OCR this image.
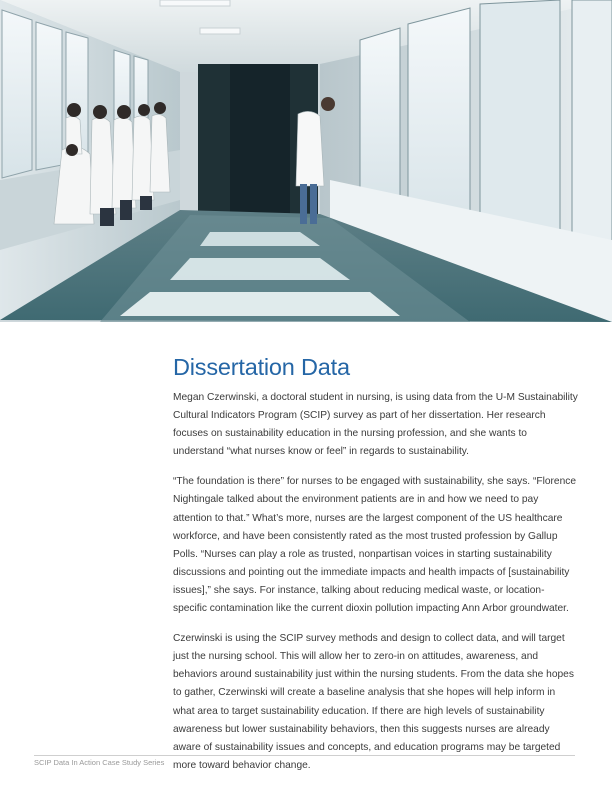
Dissertation Data

Megan Czerwinski, a doctoral student in nursing, is using data from the U-M Sustainability Cultural Indicators Program (SCIP) survey as part of her dissertation. Her research focuses on sustainability education in the nursing profession, and she wants to understand “what nurses know or feel” in regards to sustainability.

“The foundation is there” for nurses to be engaged with sustainability, she says. “Florence Nightingale talked about the environment patients are in and how we need to pay attention to that.” What’s more, nurses are the largest component of the US healthcare workforce, and have been consistently rated as the most trusted profession by Gallup Polls. “Nurses can play a role as trusted, nonpartisan voices in starting sustainability discussions and pointing out the immediate impacts and health impacts of [sustainability issues],” she says. For instance, talking about reducing medical waste, or location-specific contamination like the current dioxin pollution impacting Ann Arbor groundwater.

Czerwinski is using the SCIP survey methods and design to collect data, and will target just the nursing school. This will allow her to zero-in on attitudes, awareness, and behaviors around sustainability just within the nursing students. From the data she hopes to gather, Czerwinski will create a baseline analysis that she hopes will help inform in what area to target sustainability education. If there are high levels of sustainability awareness but lower sustainability behaviors, then this suggests nurses are already aware of sustainability issues and concepts, and education programs may be targeted more toward behavior change.

SCIP Data In Action Case Study Series
